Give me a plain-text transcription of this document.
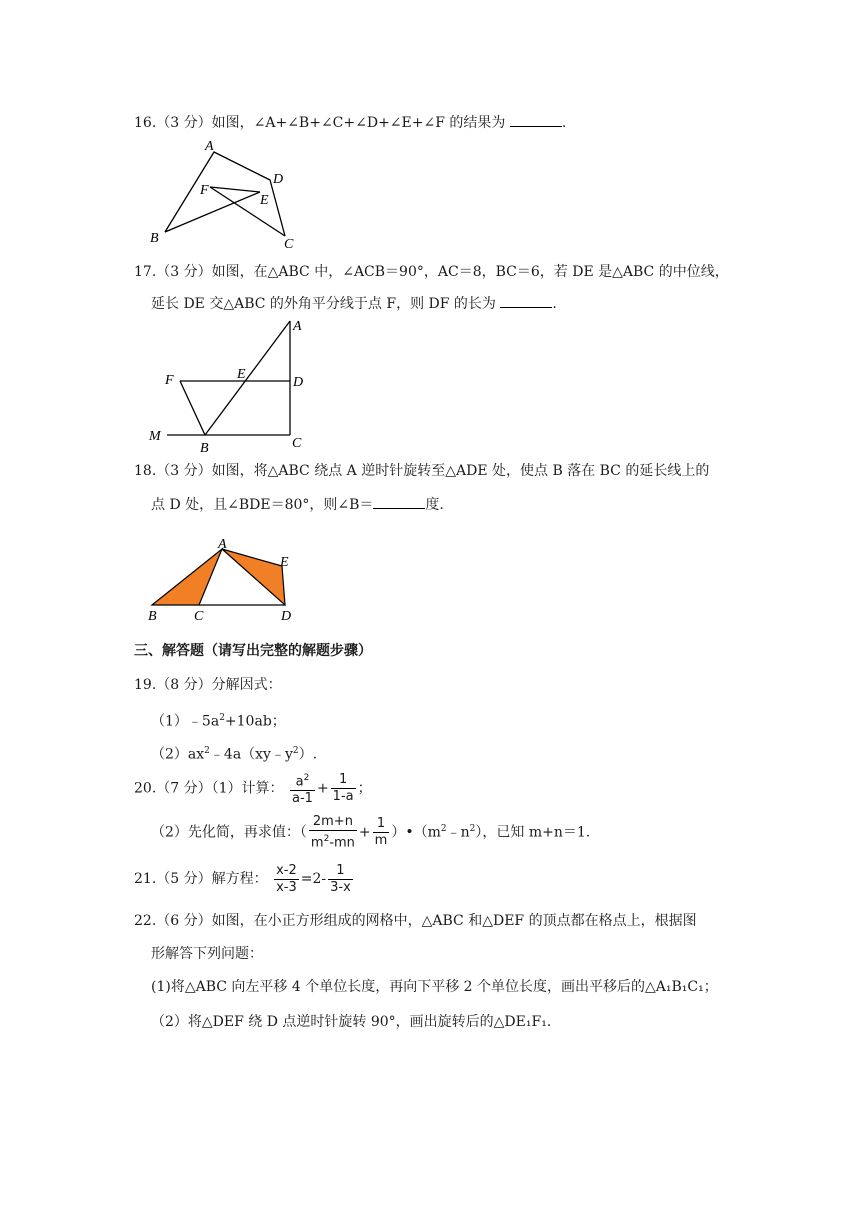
16.（3 分）如图，∠A+∠B+∠C+∠D+∠E+∠F 的结果为	.
A
B	C
D
E
F
17.（3 分）如图，在△ABC 中，∠ACB＝90°，AC＝8，BC＝6，若 DE 是△ABC 的中位线，
延长 DE 交△ABC 的外角平分线于点 F，则 DF 的长为	.
A
B	C
D
E
F
M
18.（3 分）如图，将△ABC 绕点 A 逆时针旋转至△ADE 处，使点 B 落在 BC 的延长线上的
点 D 处，且∠BDE＝80°，则∠B＝	度.
A
B	C	D
E
三、解答题（请写出完整的解题步骤）
19.（8 分）分解因式：
$(1)﹣5a^2+10ab$；
$(2)ax^2﹣4a(xy﹣y^2)$.
20.（7 分）（1）计算： $\frac{a^2}{a-1} + \frac{1}{1-a}$ ；
（2）先化简，再求值：（ $\frac{2m+n}{m^2-mn} + \frac{1}{m}$ ）$•(m^2﹣n^2)$，已知 m+n＝1.
21.（5 分）解方程： $\frac{x-2}{x-3} =2- \frac{1}{3-x}$
22.（6 分）如图，在小正方形组成的网格中，△ABC 和△DEF 的顶点都在格点上，根据图
形解答下列问题：
(1)将△ABC 向左平移 4 个单位长度，再向下平移 2 个单位长度，画出平移后的△A₁B₁C₁；
（2）将△DEF 绕 D 点逆时针旋转 90°，画出旋转后的△DE₁F₁.
